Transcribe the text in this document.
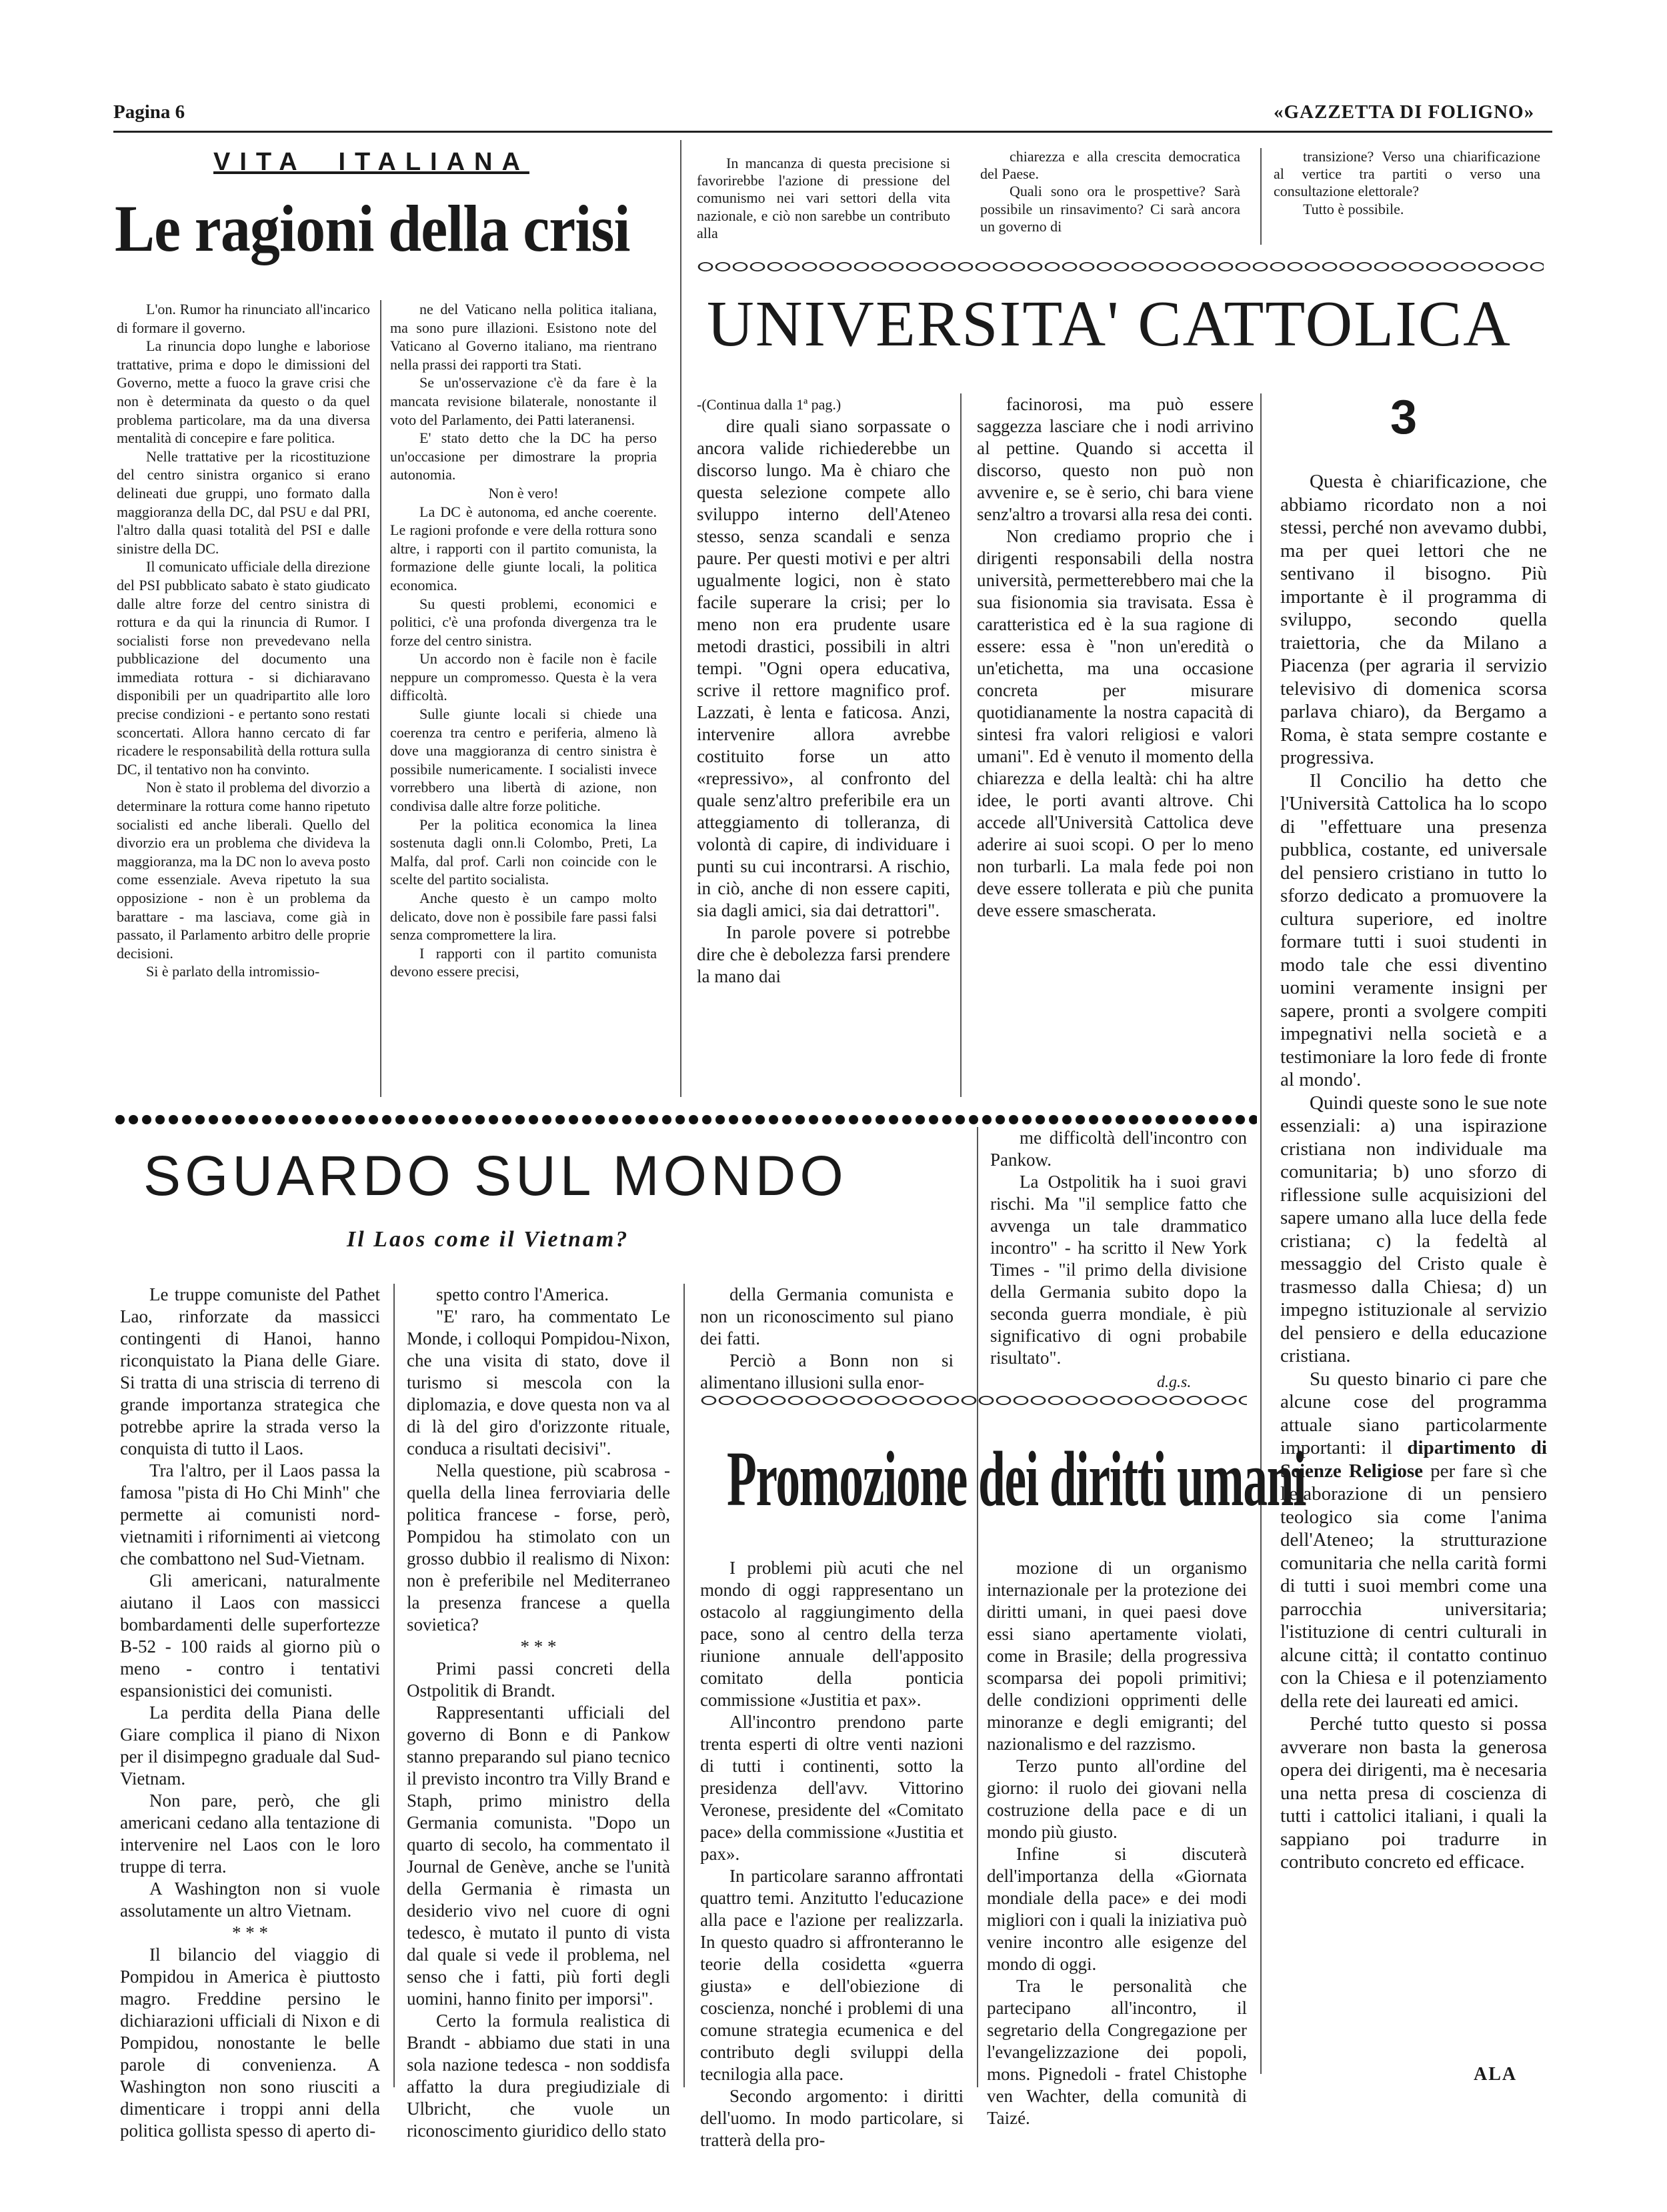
Pagina 6	«GAZZETTA DI FOLIGNO»
VITA  ITALIANA
Le ragioni della crisi

L'on. Rumor ha rinunciato all'incarico di formare il governo.

La rinuncia dopo lunghe e laboriose trattative, prima e dopo le dimissioni del Governo, mette a fuoco la grave crisi che non è determinata da questo o da quel problema particolare, ma da una diversa mentalità di concepire e fare politica.

Nelle trattative per la ricostituzione del centro sinistra organico si erano delineati due gruppi, uno formato dalla maggioranza della DC, dal PSU e dal PRI, l'altro dalla quasi totalità del PSI e dalle sinistre della DC.

Il comunicato ufficiale della direzione del PSI pubblicato sabato è stato giudicato dalle altre forze del centro sinistra di rottura e da qui la rinuncia di Rumor. I socialisti forse non prevedevano nella pubblicazione del documento una immediata rottura - si dichiaravano disponibili per un quadripartito alle loro precise condizioni - e pertanto sono restati sconcertati. Allora hanno cercato di far ricadere le responsabilità della rottura sulla DC, il tentativo non ha convinto.

Non è stato il problema del divorzio a determinare la rottura come hanno ripetuto socialisti ed anche liberali. Quello del divorzio era un problema che divideva la maggioranza, ma la DC non lo aveva posto come essenziale. Aveva ripetuto la sua opposizione - non è un problema da barattare - ma lasciava, come già in passato, il Parlamento arbitro delle proprie decisioni.

Si è parlato della intromissio-

ne del Vaticano nella politica italiana, ma sono pure illazioni. Esistono note del Vaticano al Governo italiano, ma rientrano nella prassi dei rapporti tra Stati.

Se un'osservazione c'è da fare è la mancata revisione bilaterale, nonostante il voto del Parlamento, dei Patti lateranensi.

E' stato detto che la DC ha perso un'occasione per dimostrare la propria autonomia.

Non è vero!

La DC è autonoma, ed anche coerente. Le ragioni profonde e vere della rottura sono altre, i rapporti con il partito comunista, la formazione delle giunte locali, la politica economica.

Su questi problemi, economici e politici, c'è una profonda divergenza tra le forze del centro sinistra.

Un accordo non è facile non è facile neppure un compromesso. Questa è la vera difficoltà.

Sulle giunte locali si chiede una coerenza tra centro e periferia, almeno là dove una maggioranza di centro sinistra è possibile numericamente. I socialisti invece vorrebbero una libertà di azione, non condivisa dalle altre forze politiche.

Per la politica economica la linea sostenuta dagli onn.li Colombo, Preti, La Malfa, dal prof. Carli non coincide con le scelte del partito socialista.

Anche questo è un campo molto delicato, dove non è possibile fare passi falsi senza compromettere la lira.

I rapporti con il partito comunista devono essere precisi,

In mancanza di questa precisione si favorirebbe l'azione di pressione del comunismo nei vari settori della vita nazionale, e ciò non sarebbe un contributo alla

chiarezza e alla crescita democratica del Paese.

Quali sono ora le prospettive? Sarà possibile un rinsavimento? Ci sarà ancora un governo di

transizione? Verso una chiarificazione al vertice tra partiti o verso una consultazione elettorale?

Tutto è possibile.

UNIVERSITA' CATTOLICA
3

-(Continua dalla 1ª pag.)

dire quali siano sorpassate o ancora valide richiederebbe un discorso lungo. Ma è chiaro che questa selezione compete allo sviluppo interno dell'Ateneo stesso, senza scandali e senza paure. Per questi motivi e per altri ugualmente logici, non è stato facile superare la crisi; per lo meno non era prudente usare metodi drastici, possibili in altri tempi. "Ogni opera educativa, scrive il rettore magnifico prof. Lazzati, è lenta e faticosa. Anzi, intervenire allora avrebbe costituito forse un atto «repressivo», al confronto del quale senz'altro preferibile era un atteggiamento di tolleranza, di volontà di capire, di individuare i punti su cui incontrarsi. A rischio, in ciò, anche di non essere capiti, sia dagli amici, sia dai detrattori".

In parole povere si potrebbe dire che è debolezza farsi prendere la mano dai

facinorosi, ma può essere saggezza lasciare che i nodi arrivino al pettine. Quando si accetta il discorso, questo non può non avvenire e, se è serio, chi bara viene senz'altro a trovarsi alla resa dei conti.

Non crediamo proprio che i dirigenti responsabili della nostra università, permetterebbero mai che la sua fisionomia sia travisata. Essa è caratteristica ed è la sua ragione di essere: essa è "non un'eredità o un'etichetta, ma una occasione concreta per misurare quotidianamente la nostra capacità di sintesi fra valori religiosi e valori umani". Ed è venuto il momento della chiarezza e della lealtà: chi ha altre idee, le porti avanti altrove. Chi accede all'Università Cattolica deve aderire ai suoi scopi. O per lo meno non turbarli. La mala fede poi non deve essere tollerata e più che punita deve essere smascherata.

Questa è chiarificazione, che abbiamo ricordato non a noi stessi, perché non avevamo dubbi, ma per quei lettori che ne sentivano il bisogno. Più importante è il programma di sviluppo, secondo quella traiettoria, che da Milano a Piacenza (per agraria il servizio televisivo di domenica scorsa parlava chiaro), da Bergamo a Roma, è stata sempre costante e progressiva.

Il Concilio ha detto che l'Università Cattolica ha lo scopo di "effettuare una presenza pubblica, costante, ed universale del pensiero cristiano in tutto lo sforzo dedicato a promuovere la cultura superiore, ed inoltre formare tutti i suoi studenti in modo tale che essi diventino uomini veramente insigni per sapere, pronti a svolgere compiti impegnativi nella società e a testimoniare la loro fede di fronte al mondo'.

Quindi queste sono le sue note essenziali: a) una ispirazione cristiana non individuale ma comunitaria; b) uno sforzo di riflessione sulle acquisizioni del sapere umano alla luce della fede cristiana; c) la fedeltà al messaggio del Cristo quale è trasmesso dalla Chiesa; d) un impegno istituzionale al servizio del pensiero e della educazione cristiana.

Su questo binario ci pare che alcune cose del programma attuale siano particolarmente importanti: il dipartimento di Scienze Religiose per fare sì che l'elaborazione di un pensiero teologico sia come l'anima dell'Ateneo; la strutturazione comunitaria che nella carità formi di tutti i suoi membri come una parrocchia universitaria; l'istituzione di centri culturali in alcune città; il contatto continuo con la Chiesa e il potenziamento della rete dei laureati ed amici.

Perché tutto questo si possa avverare non basta la generosa opera dei dirigenti, ma è necesaria una netta presa di coscienza di tutti i cattolici italiani, i quali la sappiano poi tradurre in contributo concreto ed efficace.

ALA
SGUARDO SUL MONDO
Il Laos come il Vietnam?

Le truppe comuniste del Pathet Lao, rinforzate da massicci contingenti di Hanoi, hanno riconquistato la Piana delle Giare. Si tratta di una striscia di terreno di grande importanza strategica che potrebbe aprire la strada verso la conquista di tutto il Laos.

Tra l'altro, per il Laos passa la famosa "pista di Ho Chi Minh" che permette ai comunisti nord-vietnamiti i rifornimenti ai vietcong che combattono nel Sud-Vietnam.

Gli americani, naturalmente aiutano il Laos con massicci bombardamenti delle superfortezze B-52 - 100 raids al giorno più o meno - contro i tentativi espansionistici dei comunisti.

La perdita della Piana delle Giare complica il piano di Nixon per il disimpegno graduale dal Sud-Vietnam.

Non pare, però, che gli americani cedano alla tentazione di intervenire nel Laos con le loro truppe di terra.

A Washington non si vuole assolutamente un altro Vietnam.

* * *

Il bilancio del viaggio di Pompidou in America è piuttosto magro. Freddine persino le dichiarazioni ufficiali di Nixon e di Pompidou, nonostante le belle parole di convenienza. A Washington non sono riusciti a dimenticare i troppi anni della politica gollista spesso di aperto di-

spetto contro l'America.

"E' raro, ha commentato Le Monde, i colloqui Pompidou-Nixon, che una visita di stato, dove il turismo si mescola con la diplomazia, e dove questa non va al di là del giro d'orizzonte rituale, conduca a risultati decisivi".

Nella questione, più scabrosa - quella della linea ferroviaria delle politica francese - forse, però, Pompidou ha stimolato con un grosso dubbio il realismo di Nixon: non è preferibile nel Mediterraneo la presenza francese a quella sovietica?

* * *

Primi passi concreti della Ostpolitik di Brandt.

Rappresentanti ufficiali del governo di Bonn e di Pankow stanno preparando sul piano tecnico il previsto incontro tra Villy Brand e Staph, primo ministro della Germania comunista. "Dopo un quarto di secolo, ha commentato il Journal de Genève, anche se l'unità della Germania è rimasta un desiderio vivo nel cuore di ogni tedesco, è mutato il punto di vista dal quale si vede il problema, nel senso che i fatti, più forti degli uomini, hanno finito per imporsi".

Certo la formula realistica di Brandt - abbiamo due stati in una sola nazione tedesca - non soddisfa affatto la dura pregiudiziale di Ulbricht, che vuole un riconoscimento giuridico dello stato

della Germania comunista e non un riconoscimento sul piano dei fatti.

Perciò a Bonn non si alimentano illusioni sulla enor-

me difficoltà dell'incontro con Pankow.

La Ostpolitik ha i suoi gravi rischi. Ma "il semplice fatto che avvenga un tale drammatico incontro" - ha scritto il New York Times - "il primo della divisione della Germania subito dopo la seconda guerra mondiale, è più significativo di ogni probabile risultato".

d.g.s.
Promozione dei diritti umani

I problemi più acuti che nel mondo di oggi rappresentano un ostacolo al raggiungimento della pace, sono al centro della terza riunione annuale dell'apposito comitato della ponticia commissione «Justitia et pax».

All'incontro prendono parte trenta esperti di oltre venti nazioni di tutti i continenti, sotto la presidenza dell'avv. Vittorino Veronese, presidente del «Comitato pace» della commissione «Justitia et pax».

In particolare saranno affrontati quattro temi. Anzitutto l'educazione alla pace e l'azione per realizzarla. In questo quadro si affronteranno le teorie della cosidetta «guerra giusta» e dell'obiezione di coscienza, nonché i problemi di una comune strategia ecumenica e del contributo degli sviluppi della tecnilogia alla pace.

Secondo argomento: i diritti dell'uomo. In modo particolare, si tratterà della pro-

mozione di un organismo internazionale per la protezione dei diritti umani, in quei paesi dove essi siano apertamente violati, come in Brasile; della progressiva scomparsa dei popoli primitivi; delle condizioni opprimenti delle minoranze e degli emigranti; del nazionalismo e del razzismo.

Terzo punto all'ordine del giorno: il ruolo dei giovani nella costruzione della pace e di un mondo più giusto.

Infine si discuterà dell'importanza della «Giornata mondiale della pace» e dei modi migliori con i quali la iniziativa può venire incontro alle esigenze del mondo di oggi.

Tra le personalità che partecipano all'incontro, il segretario della Congregazione per l'evangelizzazione dei popoli, mons. Pignedoli - fratel Chistophe ven Wachter, della comunità di Taizé.
